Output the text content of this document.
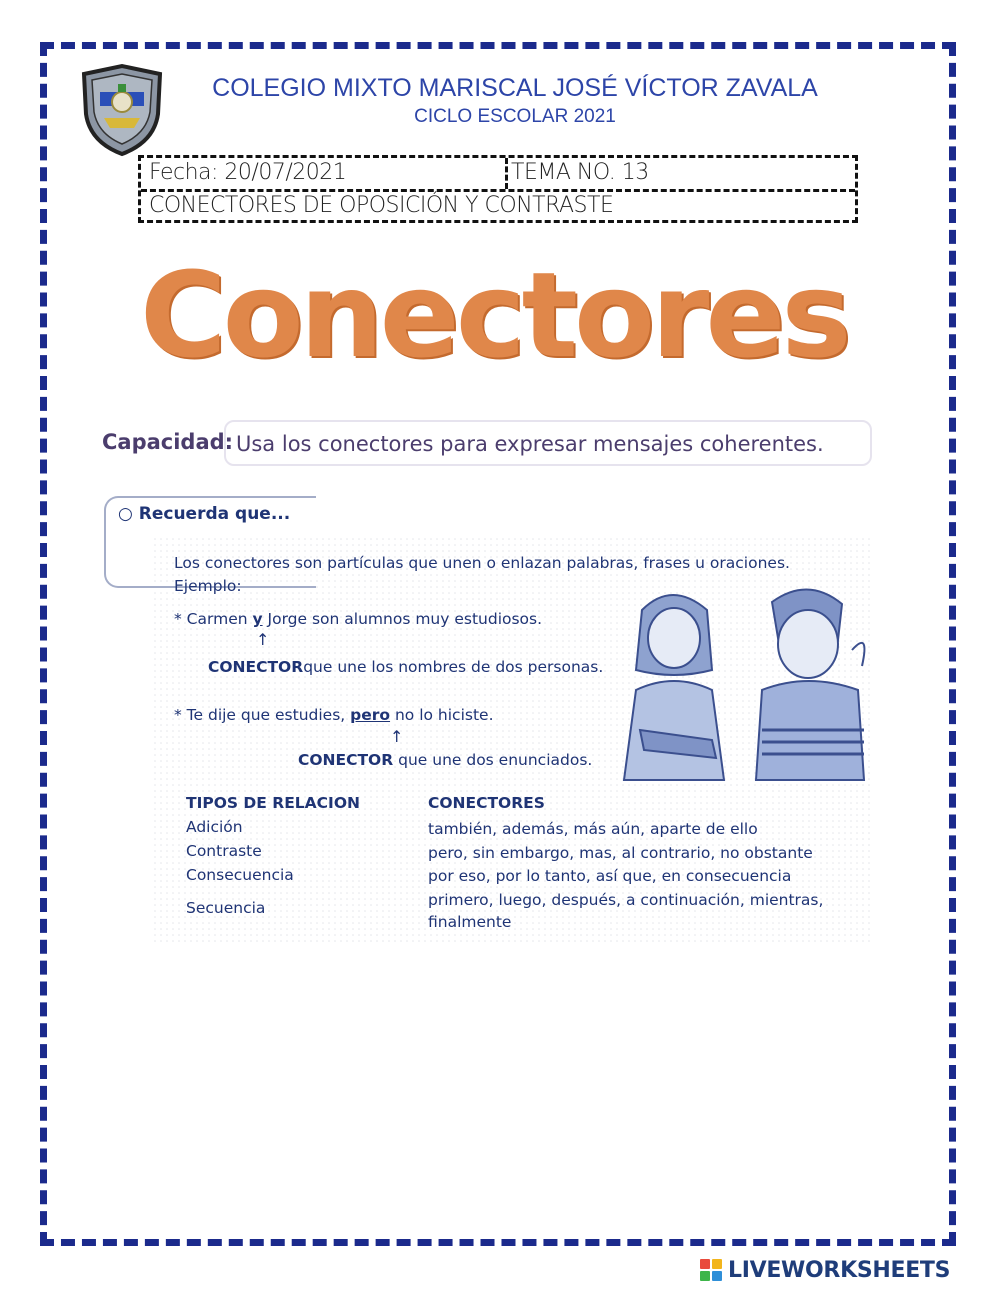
COLEGIO MIXTO MARISCAL JOSÉ VÍCTOR ZAVALA
CICLO ESCOLAR 2021
Fecha: 20/07/2021	TEMA NO. 13
CONECTORES DE OPOSICIÓN Y CONTRASTE
Conectores
Capacidad: Usa los conectores para expresar mensajes coherentes.
○ Recuerda que...
Los conectores son partículas que unen o enlazan palabras, frases u oraciones.
Ejemplo:
* Carmen y Jorge son alumnos muy estudiosos.
↑
CONECTORque une los nombres de dos personas.
* Te dije que estudies, pero no lo hiciste.
↑
CONECTOR que une dos enunciados.
TIPOS DE RELACION	CONECTORES
Adición	también, además, más aún, aparte de ello
Contraste	pero, sin embargo, mas, al contrario, no obstante
Consecuencia	por eso, por lo tanto, así que, en consecuencia
Secuencia	primero, luego, después, a continuación, mientras,
finalmente
LIVEWORKSHEETS
